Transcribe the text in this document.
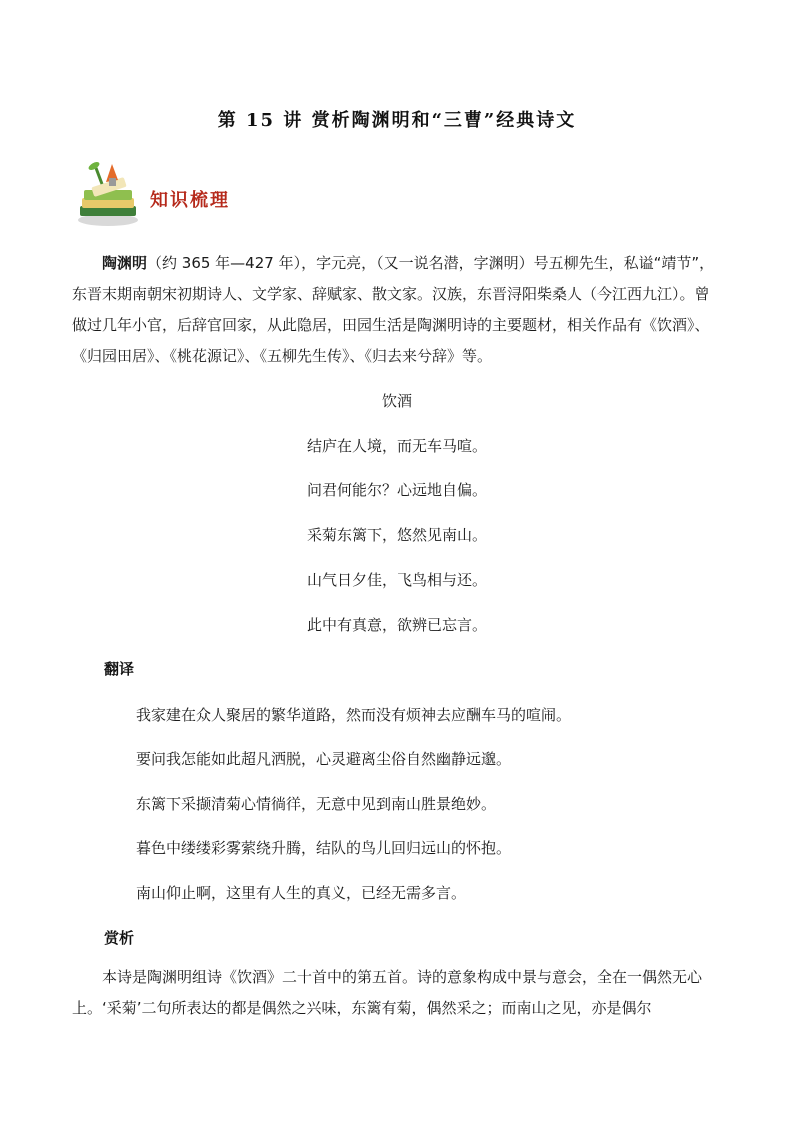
第 15 讲 赏析陶渊明和“三曹”经典诗文
知识梳理

陶渊明（约 365 年—427 年），字元亮，（又一说名潜，字渊明）号五柳先生，私谥“靖节”，东晋末期南朝宋初期诗人、文学家、辞赋家、散文家。汉族，东晋浔阳柴桑人（今江西九江）。曾做过几年小官，后辞官回家，从此隐居，田园生活是陶渊明诗的主要题材，相关作品有《饮酒》、《归园田居》、《桃花源记》、《五柳先生传》、《归去来兮辞》等。

饮酒
结庐在人境，而无车马喧。
问君何能尔？心远地自偏。
采菊东篱下，悠然见南山。
山气日夕佳，飞鸟相与还。
此中有真意，欲辨已忘言。
翻译
我家建在众人聚居的繁华道路，然而没有烦神去应酬车马的喧闹。
要问我怎能如此超凡洒脱，心灵避离尘俗自然幽静远邈。
东篱下采撷清菊心情徜徉，无意中见到南山胜景绝妙。
暮色中缕缕彩雾萦绕升腾，结队的鸟儿回归远山的怀抱。
南山仰止啊，这里有人生的真义，已经无需多言。
赏析

本诗是陶渊明组诗《饮酒》二十首中的第五首。诗的意象构成中景与意会，全在一偶然无心上。‘采菊’二句所表达的都是偶然之兴味，东篱有菊，偶然采之；而南山之见，亦是偶尔
